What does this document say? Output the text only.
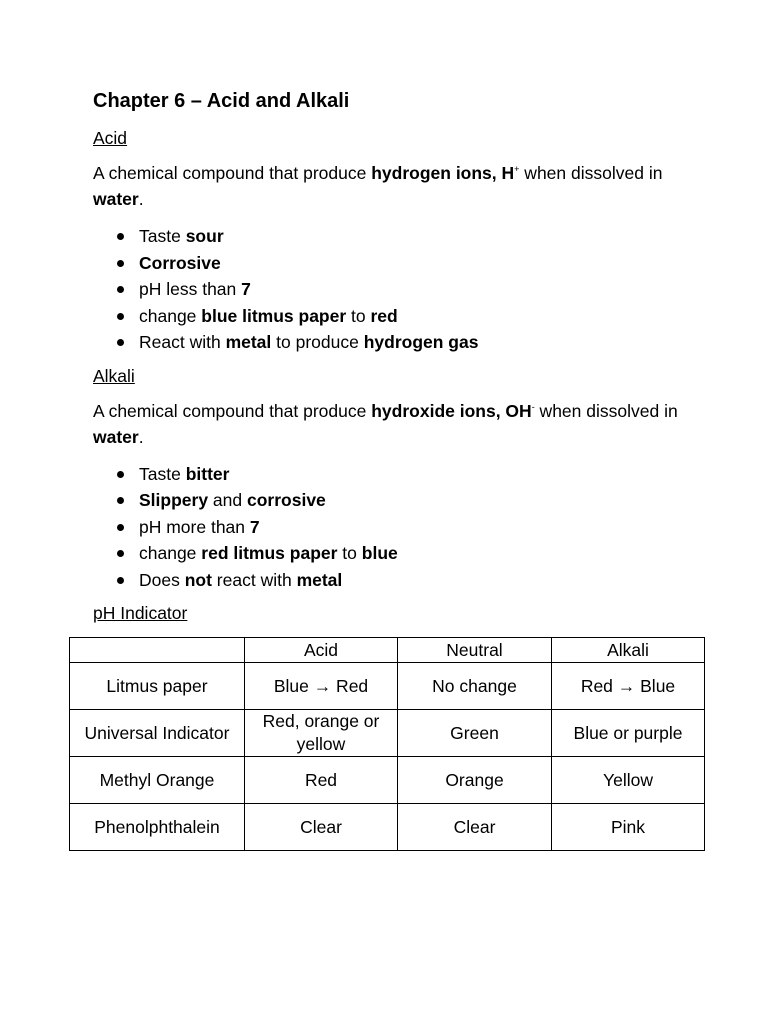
Chapter 6 – Acid and Alkali
Acid

A chemical compound that produce hydrogen ions, H+ when dissolved in water.

Taste sour
Corrosive
pH less than 7
change blue litmus paper to red
React with metal to produce hydrogen gas
Alkali

A chemical compound that produce hydroxide ions, OH- when dissolved in water.

Taste bitter
Slippery and corrosive
pH more than 7
change red litmus paper to blue
Does not react with metal
pH Indicator
	Acid	Neutral	Alkali
Litmus paper	Blue → Red	No change	Red → Blue
Universal Indicator	Red, orange or yellow	Green	Blue or purple
Methyl Orange	Red	Orange	Yellow
Phenolphthalein	Clear	Clear	Pink
